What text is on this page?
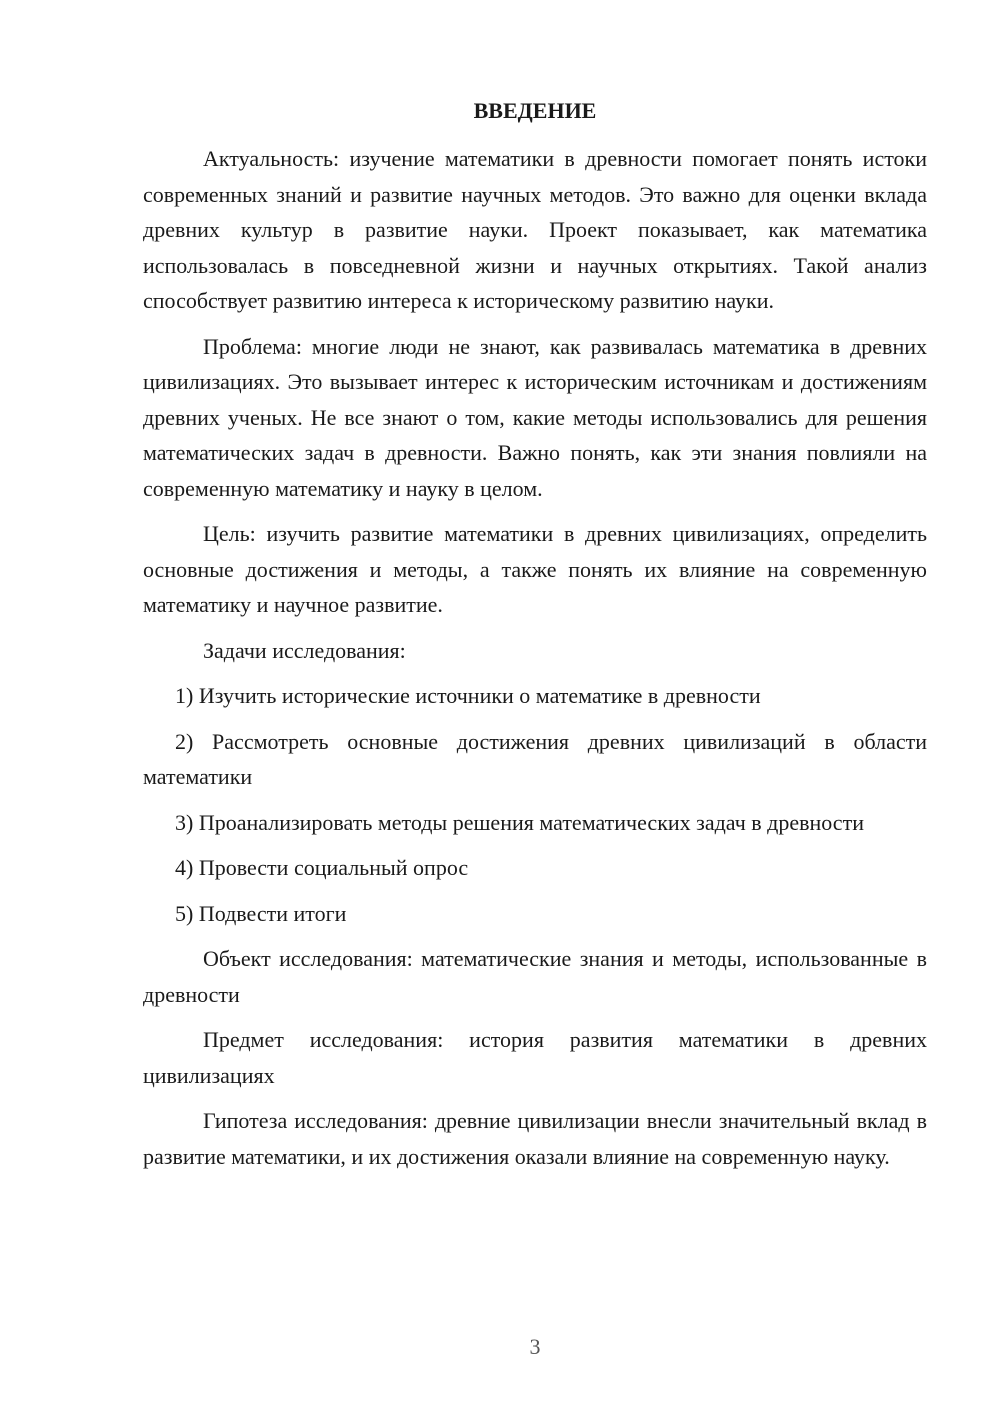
ВВЕДЕНИЕ

Актуальность: изучение математики в древности помогает понять истоки современных знаний и развитие научных методов. Это важно для оценки вклада древних культур в развитие науки. Проект показывает, как математика использовалась в повседневной жизни и научных открытиях. Такой анализ способствует развитию интереса к историческому развитию науки.

Проблема: многие люди не знают, как развивалась математика в древних цивилизациях. Это вызывает интерес к историческим источникам и достижениям древних ученых. Не все знают о том, какие методы использовались для решения математических задач в древности. Важно понять, как эти знания повлияли на современную математику и науку в целом.

Цель: изучить развитие математики в древних цивилизациях, определить основные достижения и методы, а также понять их влияние на современную математику и научное развитие.

Задачи исследования:

1) Изучить исторические источники о математике в древности

2) Рассмотреть основные достижения древних цивилизаций в области математики

3) Проанализировать методы решения математических задач в древности

4) Провести социальный опрос

5) Подвести итоги

Объект исследования: математические знания и методы, использованные в древности

Предмет исследования: история развития математики в древних цивилизациях

Гипотеза исследования: древние цивилизации внесли значительный вклад в развитие математики, и их достижения оказали влияние на современную науку.

3
